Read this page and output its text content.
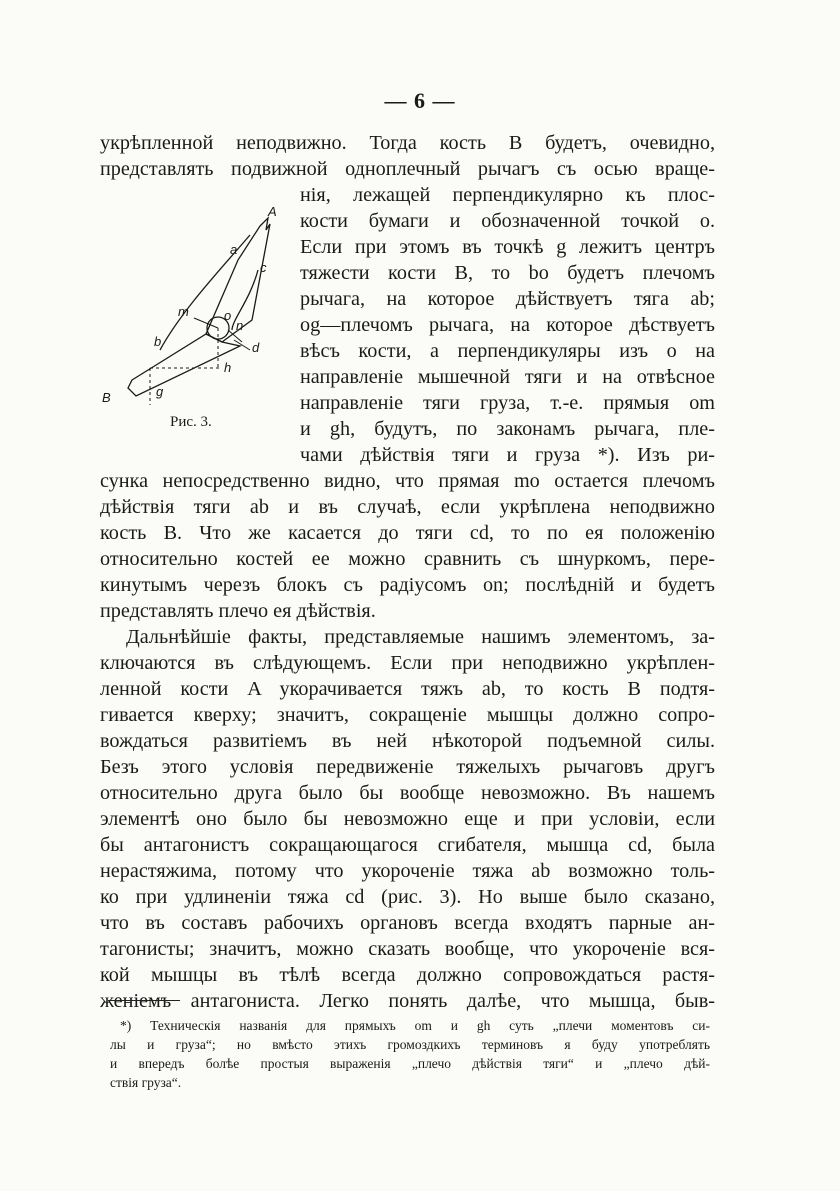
— 6 —
укрѣпленной неподвижно. Тогда кость B будетъ, очевидно,
представлять подвижной одноплечный рычагъ съ осью враще-
нія, лежащей перпендикулярно къ плос-
кости бумаги и обозначенной точкой o.
Если при этомъ въ точкѣ g лежитъ центръ
тяжести кости B, то bo будетъ плечомъ
рычага, на которое дѣйствуетъ тяга ab;
og—плечомъ рычага, на которое дѣствуетъ
вѣсъ кости, а перпендикуляры изъ o на
направленіе мышечной тяги и на отвѣсное
направленіе тяги груза, т.-е. прямыя om
и gh, будутъ, по законамъ рычага, пле-
чами дѣйствія тяги и груза *). Изъ ри-
сунка непосредственно видно, что прямая mo остается плечомъ
дѣйствія тяги ab и въ случаѣ, если укрѣплена неподвижно
кость B. Что же касается до тяги cd, то по ея положенію
относительно костей ее можно сравнить съ шнуркомъ, пере-
кинутымъ черезъ блокъ съ радіусомъ on; послѣдній и будетъ
представлять плечо ея дѣйствія.
Дальнѣйшіе факты, представляемые нашимъ элементомъ, за-
ключаются въ слѣдующемъ. Если при неподвижно укрѣплен-
ленной кости A укорачивается тяжъ ab, то кость B подтя-
гивается кверху; значитъ, сокращеніе мышцы должно сопро-
вождаться развитіемъ въ ней нѣкоторой подъемной силы.
Безъ этого условія передвиженіе тяжелыхъ рычаговъ другъ
относительно друга было бы вообще невозможно. Въ нашемъ
элементѣ оно было бы невозможно еще и при условіи, если
бы антагонистъ сокращающагося сгибателя, мышца cd, была
нерастяжима, потому что укороченіе тяжа ab возможно толь-
ко при удлиненіи тяжа cd (рис. 3). Но выше было сказано,
что въ составъ рабочихъ органовъ всегда входятъ парные ан-
тагонисты; значитъ, можно сказать вообще, что укороченіе вся-
кой мышцы въ тѣлѣ всегда должно сопровождаться растя-
женіемъ антагониста. Легко понять далѣе, что мышца, быв-
A
a
c
m	o
n
b	d
h
B	g
Рис. 3.
*) Техническія названія для прямыхъ om и gh суть „плечи моментовъ си-
лы и груза“; но вмѣсто этихъ громоздкихъ терминовъ я буду употреблять
и впередъ болѣе простыя выраженія „плечо дѣйствія тяги“ и „плечо дѣй-
ствія груза“.
